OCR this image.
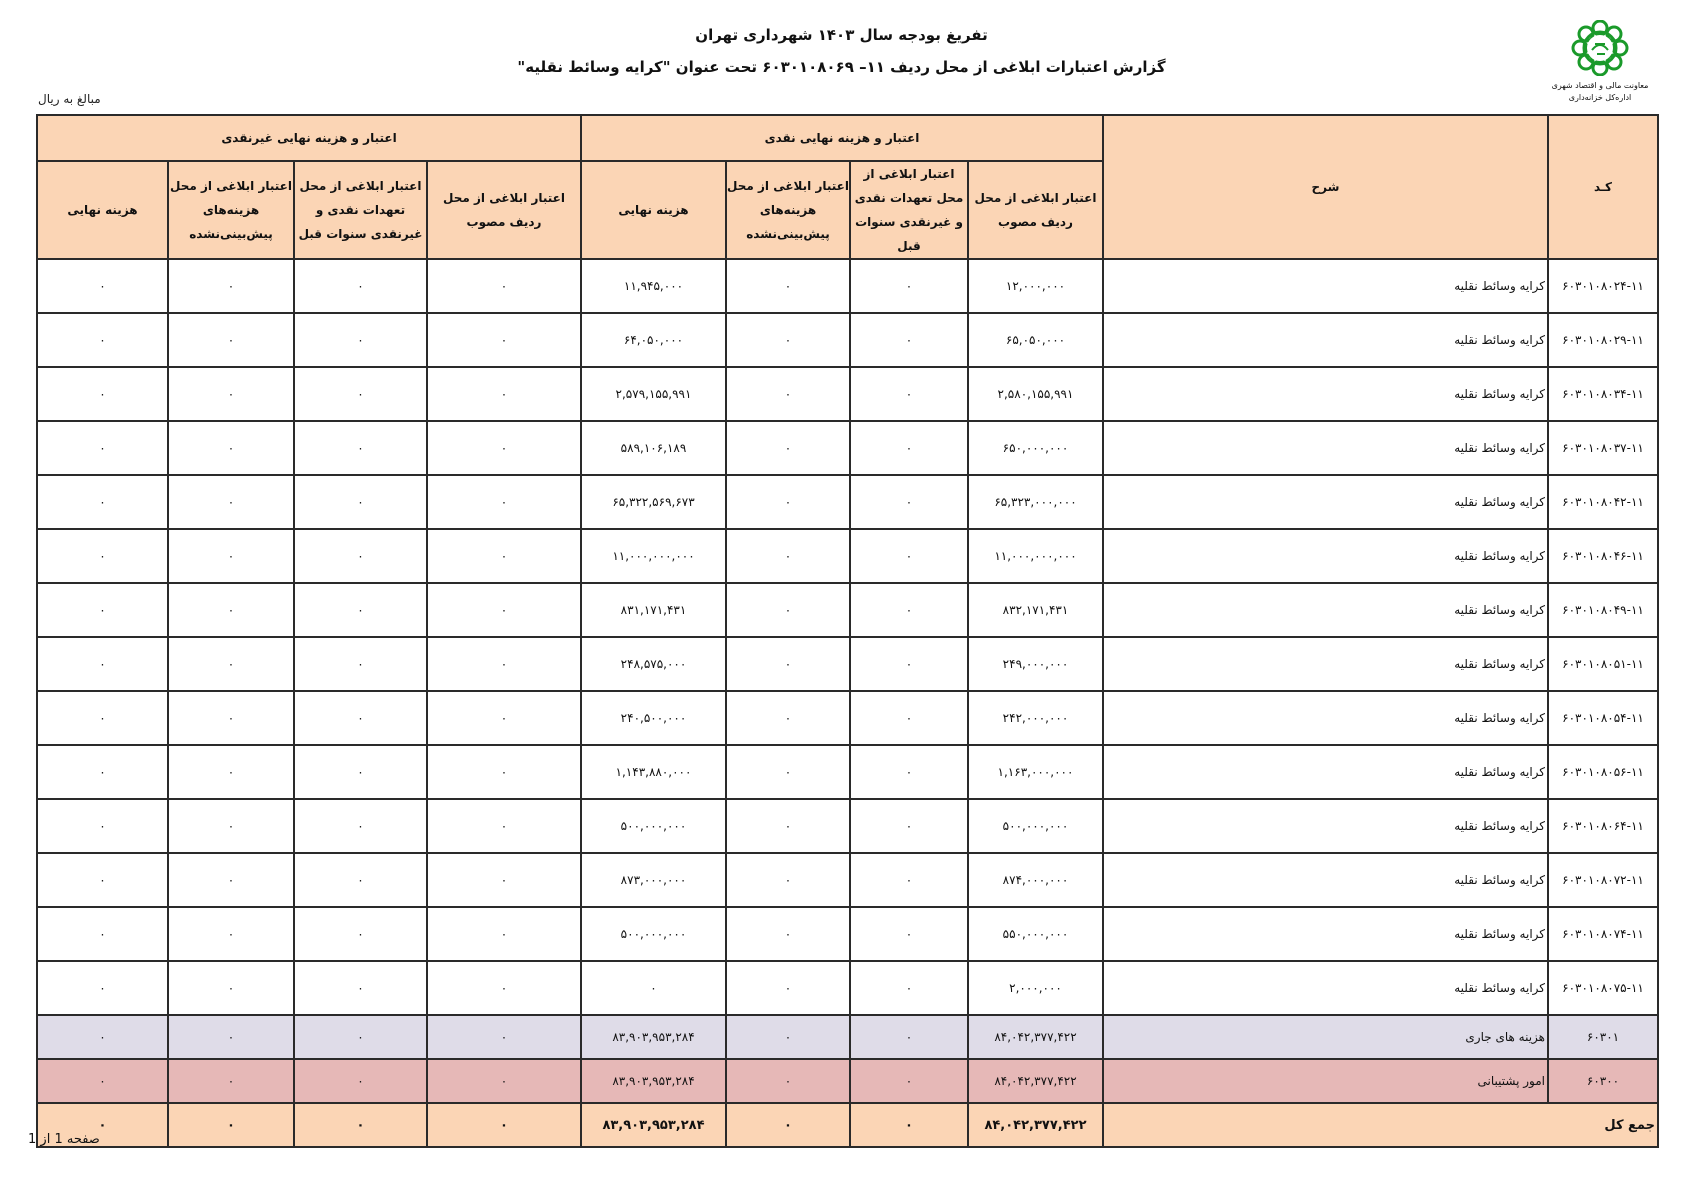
تفریغ بودجه سال ۱۴۰۳ شهرداری تهران
گزارش اعتبارات ابلاغی از محل ردیف ۱۱– ۶۰۳۰۱۰۸۰۶۹ تحت عنوان "کرایه وسائط نقلیه"
مبالغ به ریال
معاونت مالی و اقتصاد شهری
اداره‌کل خزانه‌داری
کـد	شرح	اعتبار و هزینه نهایی نقدی				اعتبار و هزینه نهایی غیرنقدی			
		اعتبار ابلاغی از محل ردیف مصوب	اعتبار ابلاغی از محل تعهدات نقدی و غیرنقدی سنوات قبل	اعتبار ابلاغی از محل هزینه‌های پیش‌بینی‌نشده	هزینه نهایی	اعتبار ابلاغی از محل ردیف مصوب	اعتبار ابلاغی از محل تعهدات نقدی و غیرنقدی سنوات قبل	اعتبار ابلاغی از محل هزینه‌های پیش‌بینی‌نشده	هزینه نهایی
۶۰۳۰۱۰۸۰۲۴-۱۱	کرایه وسائط نقلیه	۱۲,۰۰۰,۰۰۰	۰	۰	۱۱,۹۴۵,۰۰۰	۰	۰	۰	۰
۶۰۳۰۱۰۸۰۲۹-۱۱	کرایه وسائط نقلیه	۶۵,۰۵۰,۰۰۰	۰	۰	۶۴,۰۵۰,۰۰۰	۰	۰	۰	۰
۶۰۳۰۱۰۸۰۳۴-۱۱	کرایه وسائط نقلیه	۲,۵۸۰,۱۵۵,۹۹۱	۰	۰	۲,۵۷۹,۱۵۵,۹۹۱	۰	۰	۰	۰
۶۰۳۰۱۰۸۰۳۷-۱۱	کرایه وسائط نقلیه	۶۵۰,۰۰۰,۰۰۰	۰	۰	۵۸۹,۱۰۶,۱۸۹	۰	۰	۰	۰
۶۰۳۰۱۰۸۰۴۲-۱۱	کرایه وسائط نقلیه	۶۵,۳۲۳,۰۰۰,۰۰۰	۰	۰	۶۵,۳۲۲,۵۶۹,۶۷۳	۰	۰	۰	۰
۶۰۳۰۱۰۸۰۴۶-۱۱	کرایه وسائط نقلیه	۱۱,۰۰۰,۰۰۰,۰۰۰	۰	۰	۱۱,۰۰۰,۰۰۰,۰۰۰	۰	۰	۰	۰
۶۰۳۰۱۰۸۰۴۹-۱۱	کرایه وسائط نقلیه	۸۳۲,۱۷۱,۴۳۱	۰	۰	۸۳۱,۱۷۱,۴۳۱	۰	۰	۰	۰
۶۰۳۰۱۰۸۰۵۱-۱۱	کرایه وسائط نقلیه	۲۴۹,۰۰۰,۰۰۰	۰	۰	۲۴۸,۵۷۵,۰۰۰	۰	۰	۰	۰
۶۰۳۰۱۰۸۰۵۴-۱۱	کرایه وسائط نقلیه	۲۴۲,۰۰۰,۰۰۰	۰	۰	۲۴۰,۵۰۰,۰۰۰	۰	۰	۰	۰
۶۰۳۰۱۰۸۰۵۶-۱۱	کرایه وسائط نقلیه	۱,۱۶۳,۰۰۰,۰۰۰	۰	۰	۱,۱۴۳,۸۸۰,۰۰۰	۰	۰	۰	۰
۶۰۳۰۱۰۸۰۶۴-۱۱	کرایه وسائط نقلیه	۵۰۰,۰۰۰,۰۰۰	۰	۰	۵۰۰,۰۰۰,۰۰۰	۰	۰	۰	۰
۶۰۳۰۱۰۸۰۷۲-۱۱	کرایه وسائط نقلیه	۸۷۴,۰۰۰,۰۰۰	۰	۰	۸۷۳,۰۰۰,۰۰۰	۰	۰	۰	۰
۶۰۳۰۱۰۸۰۷۴-۱۱	کرایه وسائط نقلیه	۵۵۰,۰۰۰,۰۰۰	۰	۰	۵۰۰,۰۰۰,۰۰۰	۰	۰	۰	۰
۶۰۳۰۱۰۸۰۷۵-۱۱	کرایه وسائط نقلیه	۲,۰۰۰,۰۰۰	۰	۰	۰	۰	۰	۰	۰
۶۰۳۰۱	هزینه های جاری	۸۴,۰۴۲,۳۷۷,۴۲۲	۰	۰	۸۳,۹۰۳,۹۵۳,۲۸۴	۰	۰	۰	۰
۶۰۳۰۰	امور پشتیبانی	۸۴,۰۴۲,۳۷۷,۴۲۲	۰	۰	۸۳,۹۰۳,۹۵۳,۲۸۴	۰	۰	۰	۰
جمع کل		۸۴,۰۴۲,۳۷۷,۴۲۲	۰	۰	۸۳,۹۰۳,۹۵۳,۲۸۴	۰	۰	۰	۰
صفحه 1 از 1
